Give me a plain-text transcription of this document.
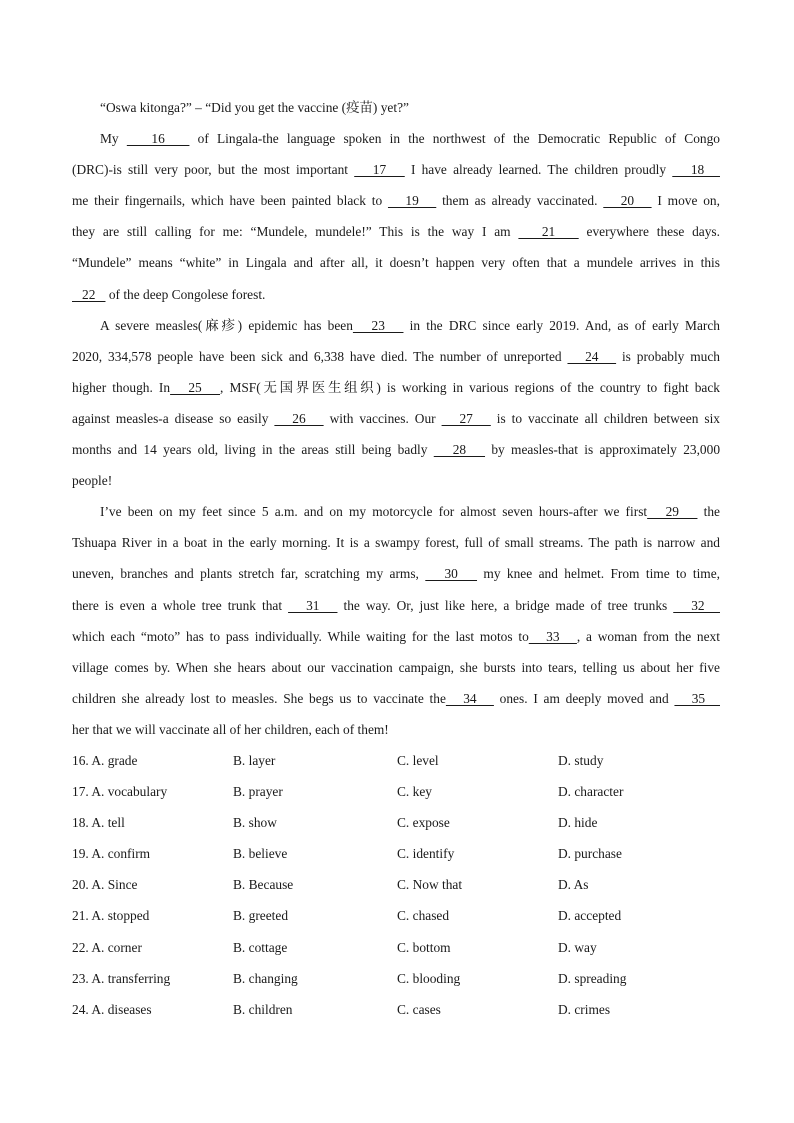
“Oswa kitonga?” – “Did you get the vaccine (疫苗) yet?”
My    16    of Lingala-the language spoken in the northwest of the Democratic Republic of Congo
(DRC)-is still very poor, but the most important    17    I have already learned. The children proudly    18
me their fingernails, which have been painted black to    19    them as already vaccinated.    20    I move on,
they are still calling for me: “Mundele, mundele!” This is the way I am    21    everywhere these days.
“Mundele” means “white” in Lingala and after all, it doesn’t happen very often that a mundele arrives in this
22    of the deep Congolese forest.
A severe measles(麻疹) epidemic has been   23    in the DRC since early 2019. And, as of early March
2020, 334,578 people have been sick and 6,338 have died. The number of unreported    24    is probably much
higher though. In   25   , MSF(无国界医生组织) is working in various regions of the country to fight back
against measles-a disease so easily    26    with vaccines. Our    27    is to vaccinate all children between six
months and 14 years old, living in the areas still being badly    28    by measles-that is approximately 23,000
people!
I’ve been on my feet since 5 a.m. and on my motorcycle for almost seven hours-after we first   29    the
Tshuapa River in a boat in the early morning. It is a swampy forest, full of small streams. The path is narrow and
uneven, branches and plants stretch far, scratching my arms,    30    my knee and helmet. From time to time,
there is even a whole tree trunk that    31    the way. Or, just like here, a bridge made of tree trunks    32
which each “moto” has to pass individually. While waiting for the last motos to   33   , a woman from the next
village comes by. When she hears about our vaccination campaign, she bursts into tears, telling us about her five
children she already lost to measles. She begs us to vaccinate the   34    ones. I am deeply moved and    35
her that we will vaccinate all of her children, each of them!
16. A. grade	B. layer	C. level	D. study
17. A. vocabulary	B. prayer	C. key	D. character
18. A. tell	B. show	C. expose	D. hide
19. A. confirm	B. believe	C. identify	D. purchase
20. A. Since	B. Because	C. Now that	D. As
21. A. stopped	B. greeted	C. chased	D. accepted
22. A. corner	B. cottage	C. bottom	D. way
23. A. transferring	B. changing	C. blooding	D. spreading
24. A. diseases	B. children	C. cases	D. crimes
